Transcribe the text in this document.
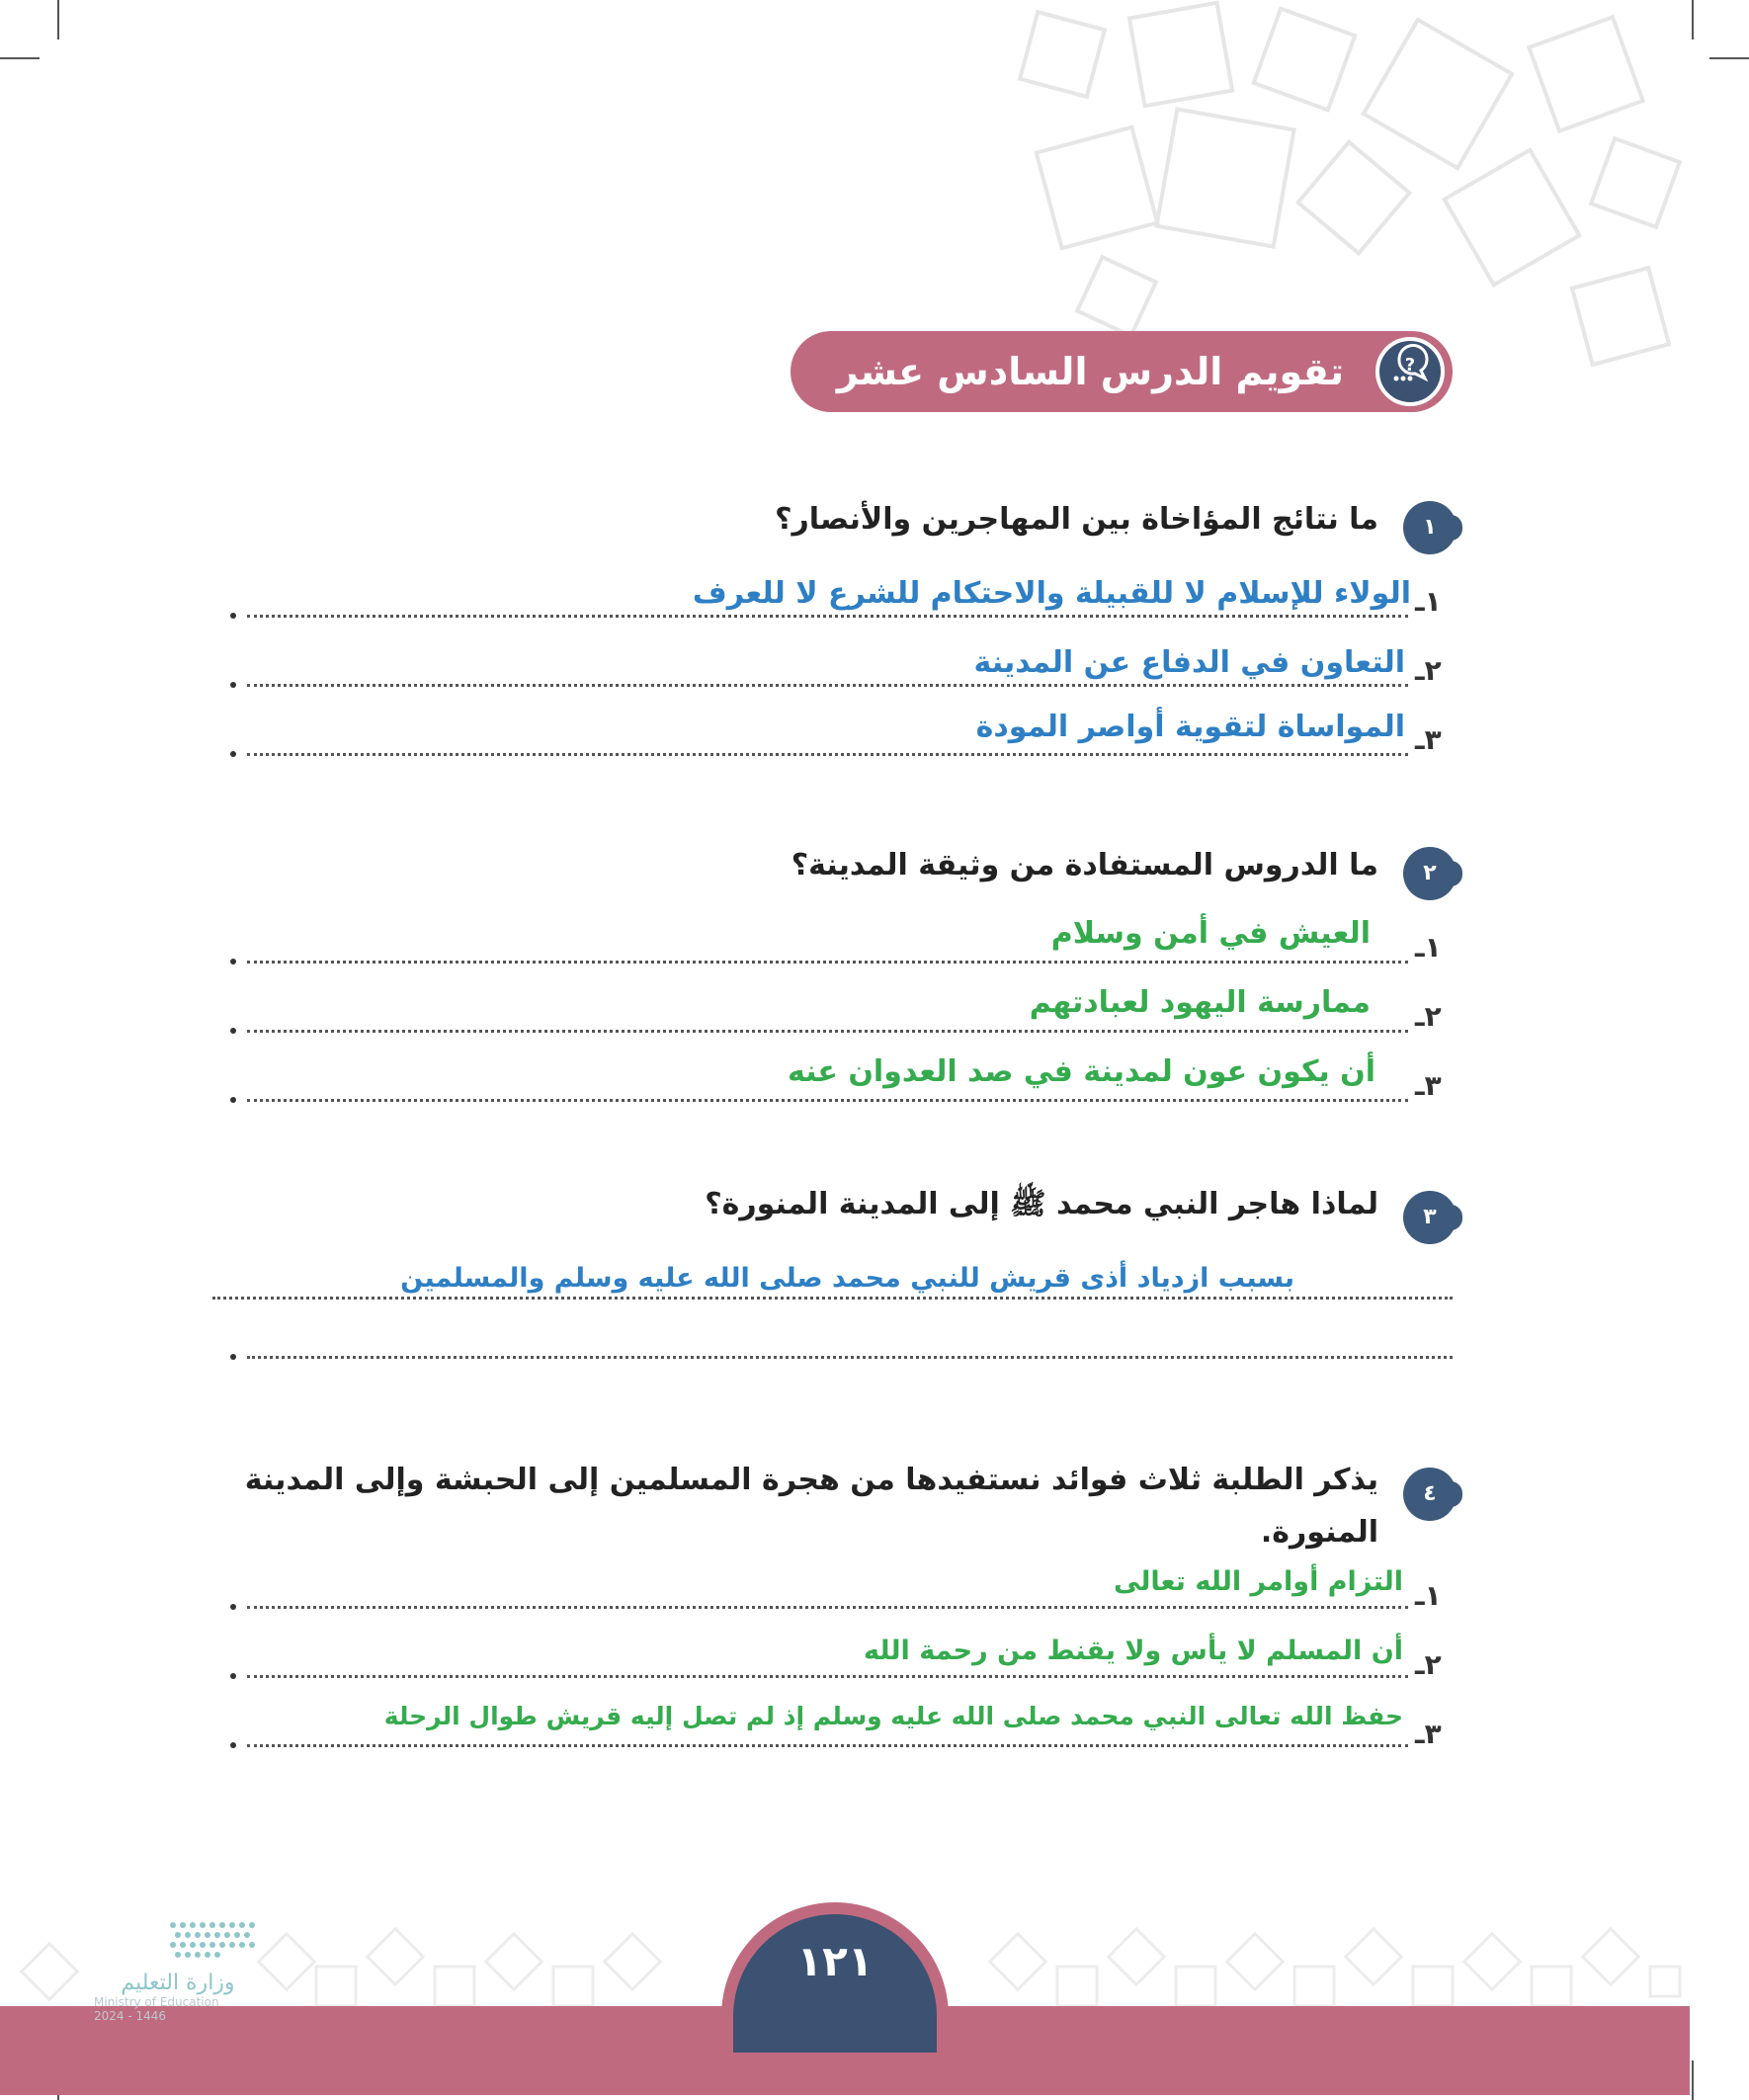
تقويم الدرس السادس عشر	?
١
ما نتائج المؤاخاة بين المهاجرين والأنصار؟
١ـ
الولاء للإسلام لا للقبيلة والاحتكام للشرع لا للعرف
٢ـ
التعاون في الدفاع عن المدينة
٣ـ
المواساة لتقوية أواصر المودة
٢
ما الدروس المستفادة من وثيقة المدينة؟
١ـ
العيش في أمن وسلام
٢ـ
ممارسة اليهود لعبادتهم
٣ـ
أن يكون عون لمدينة في صد العدوان عنه
٣
لماذا هاجر النبي محمد ﷺ إلى المدينة المنورة؟
بسبب ازدياد أذى قريش للنبي محمد صلى الله عليه وسلم والمسلمين
٤
يذكر الطلبة ثلاث فوائد نستفيدها من هجرة المسلمين إلى الحبشة وإلى المدينة
المنورة.
١ـ
التزام أوامر الله تعالى
٢ـ
أن المسلم لا يأس ولا يقنط من رحمة الله
٣ـ
حفظ الله تعالى النبي محمد صلى الله عليه وسلم إذ لم تصل إليه قريش طوال الرحلة
١٢١
وزارة التعليم
Ministry of Education
2024 - 1446
